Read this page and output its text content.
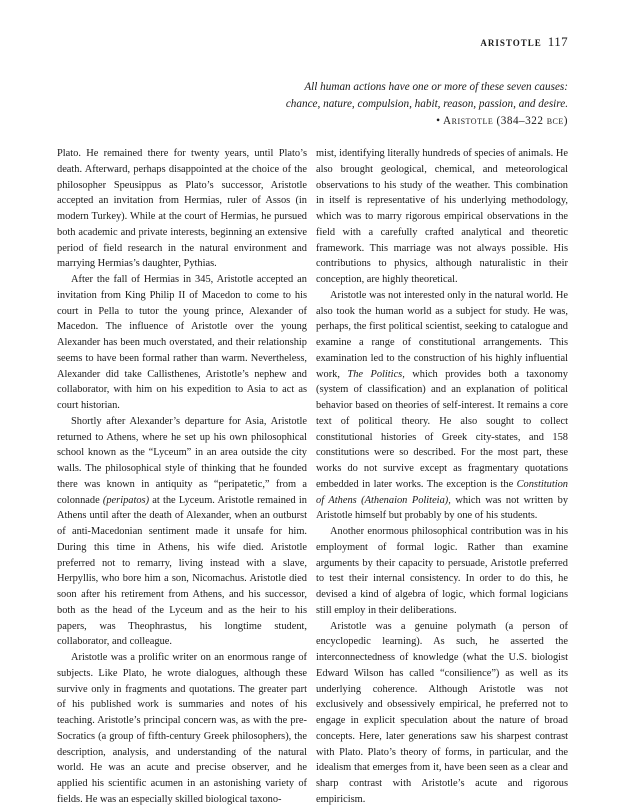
aristotle 117
All human actions have one or more of these seven causes: chance, nature, compulsion, habit, reason, passion, and desire. • Aristotle (384–322 bce)

Plato. He remained there for twenty years, until Plato’s death. Afterward, perhaps disappointed at the choice of the philosopher Speusippus as Plato’s successor, Aristotle accepted an invitation from Hermias, ruler of Assos (in modern Turkey). While at the court of Hermias, he pursued both academic and private interests, beginning an extensive period of field research in the natural environment and marrying Hermias’s daughter, Pythias.

After the fall of Hermias in 345, Aristotle accepted an invitation from King Philip II of Macedon to come to his court in Pella to tutor the young prince, Alexander of Macedon. The influence of Aristotle over the young Alexander has been much overstated, and their relationship seems to have been formal rather than warm. Nevertheless, Alexander did take Callisthenes, Aristotle’s nephew and collaborator, with him on his expedition to Asia to act as court historian.

Shortly after Alexander’s departure for Asia, Aristotle returned to Athens, where he set up his own philosophical school known as the “Lyceum” in an area outside the city walls. The philosophical style of thinking that he founded there was known in antiquity as “peripatetic,” from a colonnade (peripatos) at the Lyceum. Aristotle remained in Athens until after the death of Alexander, when an outburst of anti-Macedonian sentiment made it unsafe for him. During this time in Athens, his wife died. Aristotle preferred not to remarry, living instead with a slave, Herpyllis, who bore him a son, Nicomachus. Aristotle died soon after his retirement from Athens, and his successor, both as the head of the Lyceum and as the heir to his papers, was Theophrastus, his longtime student, collaborator, and colleague.

Aristotle was a prolific writer on an enormous range of subjects. Like Plato, he wrote dialogues, although these survive only in fragments and quotations. The greater part of his published work is summaries and notes of his teaching. Aristotle’s principal concern was, as with the pre-Socratics (a group of fifth-century Greek philosophers), the description, analysis, and understanding of the natural world. He was an acute and precise observer, and he applied his scientific acumen in an astonishing variety of fields. He was an especially skilled biological taxono-

mist, identifying literally hundreds of species of animals. He also brought geological, chemical, and meteorological observations to his study of the weather. This combination in itself is representative of his underlying methodology, which was to marry rigorous empirical observations in the field with a carefully crafted analytical and theoretic framework. This marriage was not always possible. His contributions to physics, although naturalistic in their conception, are highly theoretical.

Aristotle was not interested only in the natural world. He also took the human world as a subject for study. He was, perhaps, the first political scientist, seeking to catalogue and examine a range of constitutional arrangements. This examination led to the construction of his highly influential work, The Politics, which provides both a taxonomy (system of classification) and an explanation of political behavior based on theories of self-interest. It remains a core text of political theory. He also sought to collect constitutional histories of Greek city-states, and 158 constitutions were so described. For the most part, these works do not survive except as fragmentary quotations embedded in later works. The exception is the Constitution of Athens (Athenaion Politeia), which was not written by Aristotle himself but probably by one of his students.

Another enormous philosophical contribution was in his employment of formal logic. Rather than examine arguments by their capacity to persuade, Aristotle preferred to test their internal consistency. In order to do this, he devised a kind of algebra of logic, which formal logicians still employ in their deliberations.

Aristotle was a genuine polymath (a person of encyclopedic learning). As such, he asserted the interconnectedness of knowledge (what the U.S. biologist Edward Wilson has called “consilience”) as well as its underlying coherence. Although Aristotle was not exclusively and obsessively empirical, he preferred not to engage in explicit speculation about the nature of broad concepts. Here, later generations saw his sharpest contrast with Plato. Plato’s theory of forms, in particular, and the idealism that emerges from it, have been seen as a clear and sharp contrast with Aristotle’s acute and rigorous empiricism.
